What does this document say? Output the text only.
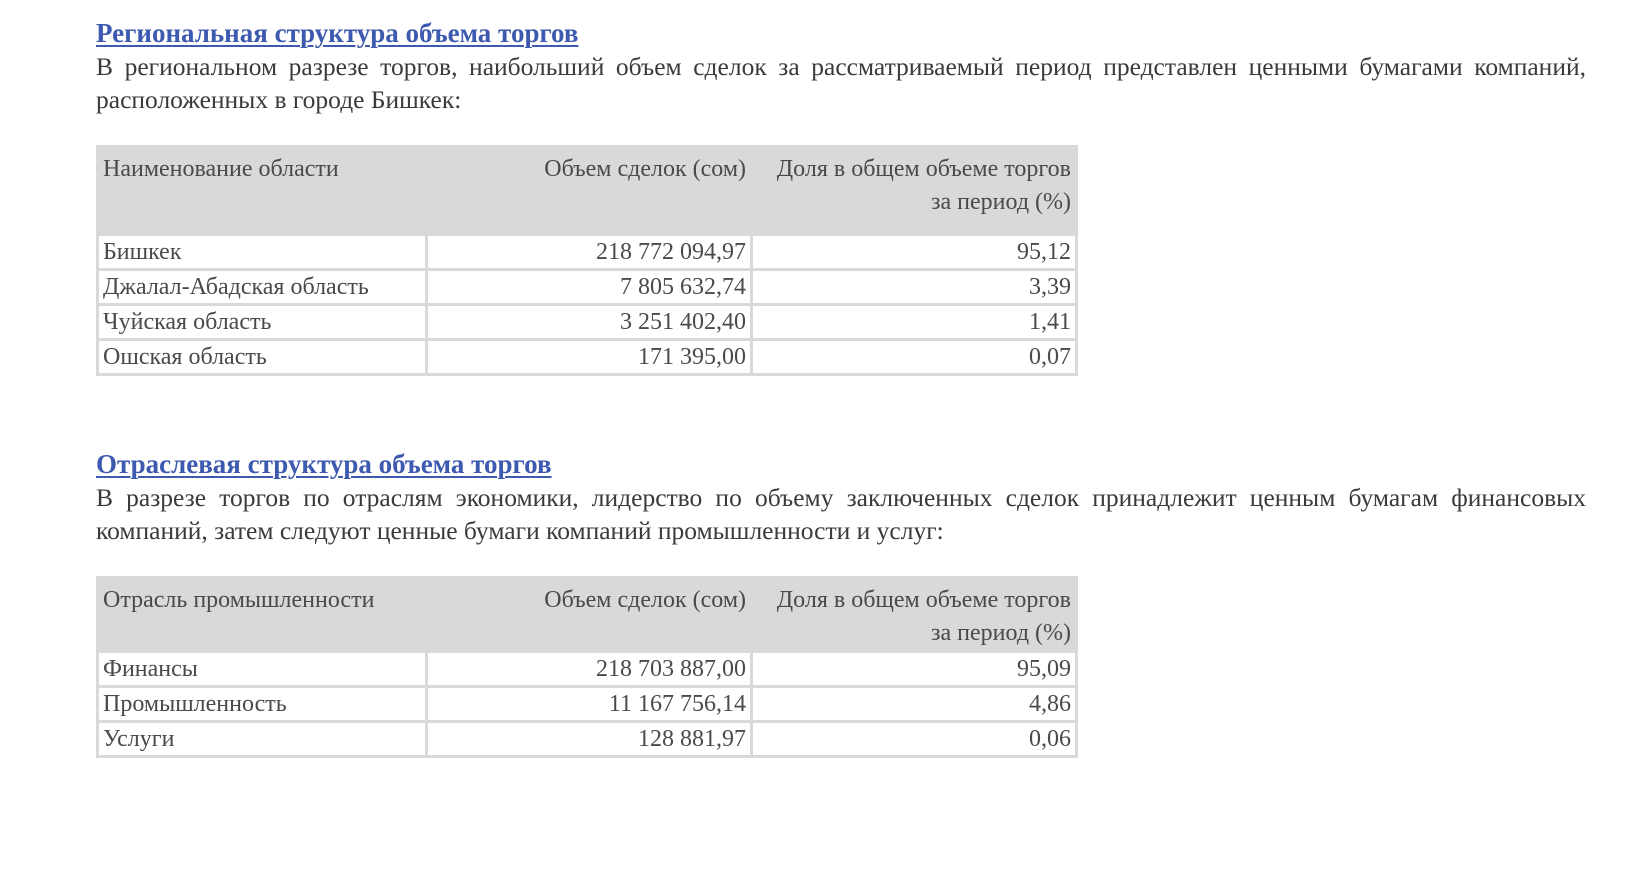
Региональная структура объема торгов

В региональном разрезе торгов, наибольший объем сделок за рассматриваемый период представлен ценными бумагами компаний, расположенных в городе Бишкек:

Наименование области	Объем сделок (сом)	Доля в общем объеме торгов за период (%)
Бишкек	218 772 094,97	95,12
Джалал-Абадская область	7 805 632,74	3,39
Чуйская область	3 251 402,40	1,41
Ошская область	171 395,00	0,07
Отраслевая структура объема торгов

В разрезе торгов по отраслям экономики, лидерство по объему заключенных сделок принадлежит ценным бумагам финансовых компаний, затем следуют ценные бумаги компаний промышленности и услуг:

Отрасль промышленности	Объем сделок (сом)	Доля в общем объеме торгов за период (%)
Финансы	218 703 887,00	95,09
Промышленность	11 167 756,14	4,86
Услуги	128 881,97	0,06
